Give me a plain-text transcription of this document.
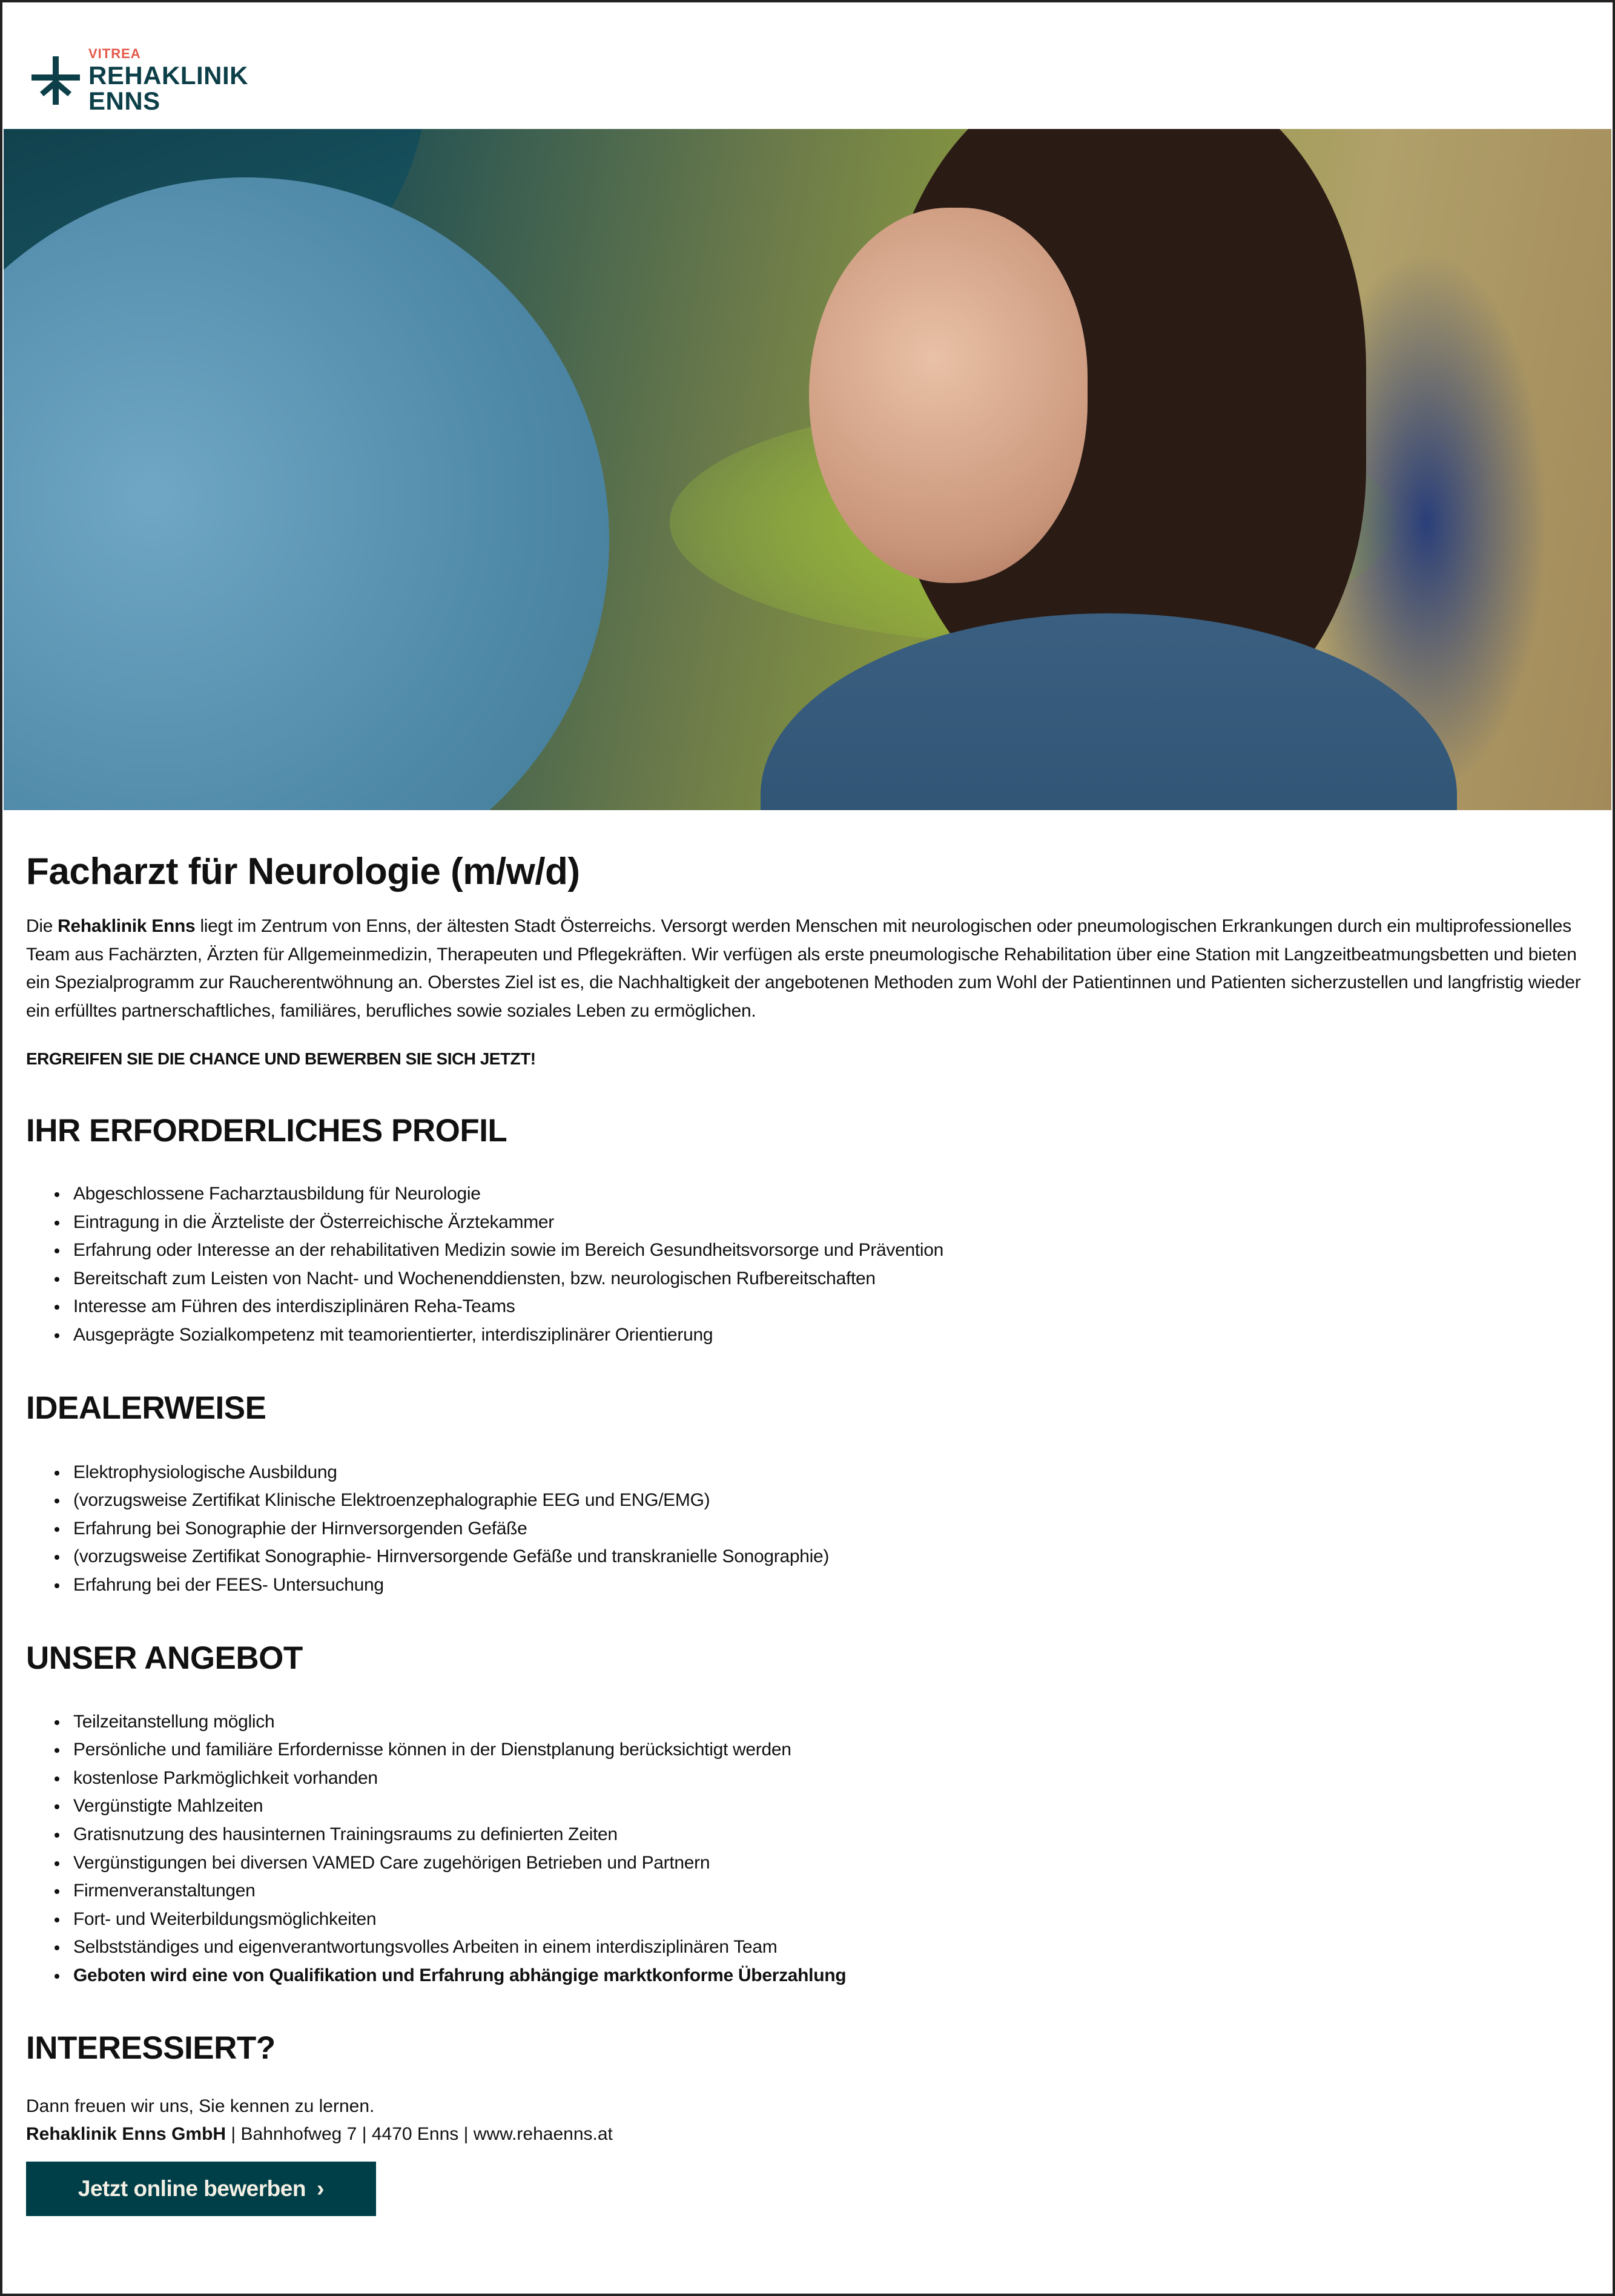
VITREA
REHAKLINIK
ENNS
Facharzt für Neurologie (m/w/d)

Die Rehaklinik Enns liegt im Zentrum von Enns, der ältesten Stadt Österreichs. Versorgt werden Menschen mit neurologischen oder pneumologischen Erkrankungen durch ein multiprofessionelles Team aus Fachärzten, Ärzten für Allgemeinmedizin, Therapeuten und Pflegekräften. Wir verfügen als erste pneumologische Rehabilitation über eine Station mit Langzeitbeatmungsbetten und bieten ein Spezialprogramm zur Raucherentwöhnung an. Oberstes Ziel ist es, die Nachhaltigkeit der angebotenen Methoden zum Wohl der Patientinnen und Patienten sicherzustellen und langfristig wieder ein erfülltes partnerschaftliches, familiäres, berufliches sowie soziales Leben zu ermöglichen.

ERGREIFEN SIE DIE CHANCE UND BEWERBEN SIE SICH JETZT!

IHR ERFORDERLICHES PROFIL
Abgeschlossene Facharztausbildung für Neurologie
Eintragung in die Ärzteliste der Österreichische Ärztekammer
Erfahrung oder Interesse an der rehabilitativen Medizin sowie im Bereich Gesundheitsvorsorge und Prävention
Bereitschaft zum Leisten von Nacht- und Wochenenddiensten, bzw. neurologischen Rufbereitschaften
Interesse am Führen des interdisziplinären Reha-Teams
Ausgeprägte Sozialkompetenz mit teamorientierter, interdisziplinärer Orientierung
IDEALERWEISE
Elektrophysiologische Ausbildung
(vorzugsweise Zertifikat Klinische Elektroenzephalographie EEG und ENG/EMG)
Erfahrung bei Sonographie der Hirnversorgenden Gefäße
(vorzugsweise Zertifikat Sonographie- Hirnversorgende Gefäße und transkranielle Sonographie)
Erfahrung bei der FEES- Untersuchung
UNSER ANGEBOT
Teilzeitanstellung möglich
Persönliche und familiäre Erfordernisse können in der Dienstplanung berücksichtigt werden
kostenlose Parkmöglichkeit vorhanden
Vergünstigte Mahlzeiten
Gratisnutzung des hausinternen Trainingsraums zu definierten Zeiten
Vergünstigungen bei diversen VAMED Care zugehörigen Betrieben und Partnern
Firmenveranstaltungen
Fort- und Weiterbildungsmöglichkeiten
Selbstständiges und eigenverantwortungsvolles Arbeiten in einem interdisziplinären Team
Geboten wird eine von Qualifikation und Erfahrung abhängige marktkonforme Überzahlung
INTERESSIERT?
Dann freuen wir uns, Sie kennen zu lernen.
Rehaklinik Enns GmbH | Bahnhofweg 7 | 4470 Enns | www.rehaenns.at
Jetzt online bewerben ›
